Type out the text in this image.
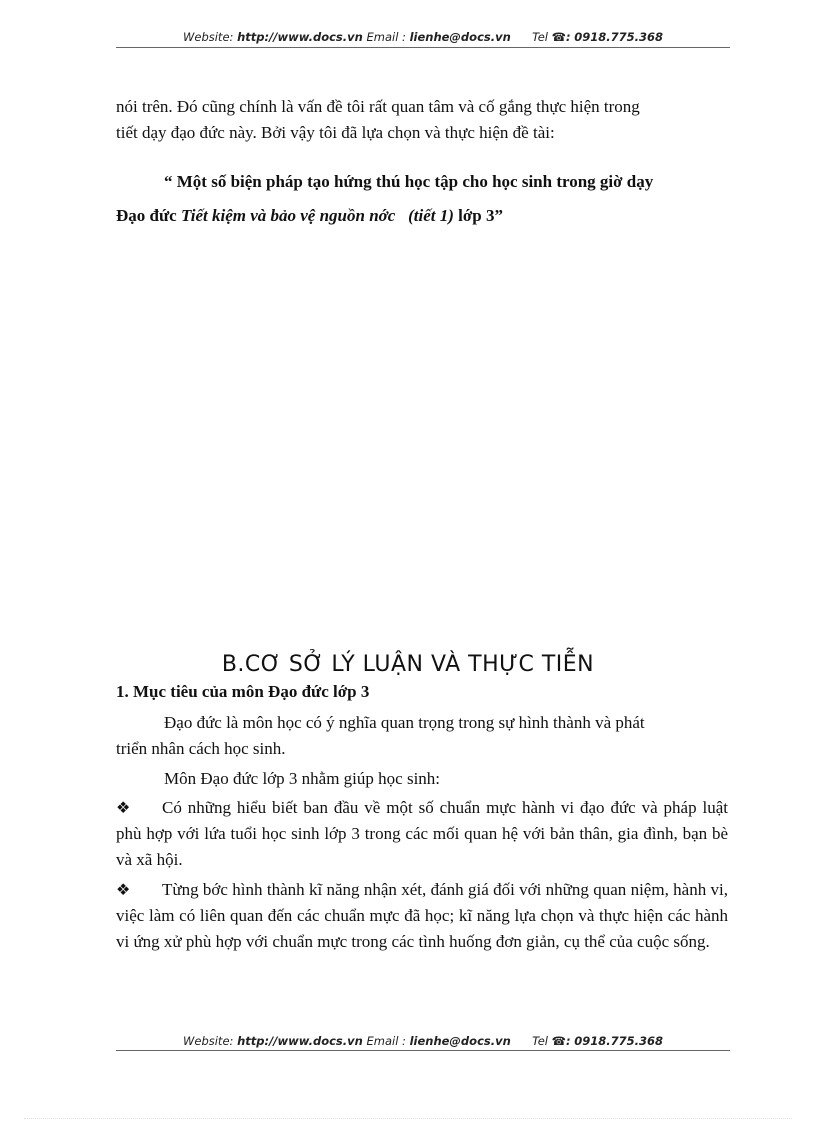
Website: http://www.docs.vn Email : lienhe@docs.vn Tel ☎: 0918.775.368
nói trên. Đó cũng chính là vấn đề tôi rất quan tâm và cố gắng thực hiện trong
tiết dạy đạo đức này. Bởi vậy tôi đã lựa chọn và thực hiện đề tài:
“ Một số biện pháp tạo hứng thú học tập cho học sinh trong giờ dạy
Đạo đức Tiết kiệm và bảo vệ nguồn nớc (tiết 1) lớp 3”
B.CƠ SỞ LÝ LUẬN VÀ THỰC TIỄN
1. Mục tiêu của môn Đạo đức lớp 3
Đạo đức là môn học có ý nghĩa quan trọng trong sự hình thành và phát
triển nhân cách học sinh.
Môn Đạo đức lớp 3 nhằm giúp học sinh:
❖ Có những hiểu biết ban đầu về một số chuẩn mực hành vi đạo đức và pháp luật phù hợp với lứa tuổi học sinh lớp 3 trong các mối quan hệ với bản thân, gia đình, bạn bè và xã hội.
❖ Từng bớc hình thành kĩ năng nhận xét, đánh giá đối với những quan niệm, hành vi, việc làm có liên quan đến các chuẩn mực đã học; kĩ năng lựa chọn và thực hiện các hành vi ứng xử phù hợp với chuẩn mực trong các tình huống đơn giản, cụ thể của cuộc sống.
Website: http://www.docs.vn Email : lienhe@docs.vn Tel ☎: 0918.775.368
